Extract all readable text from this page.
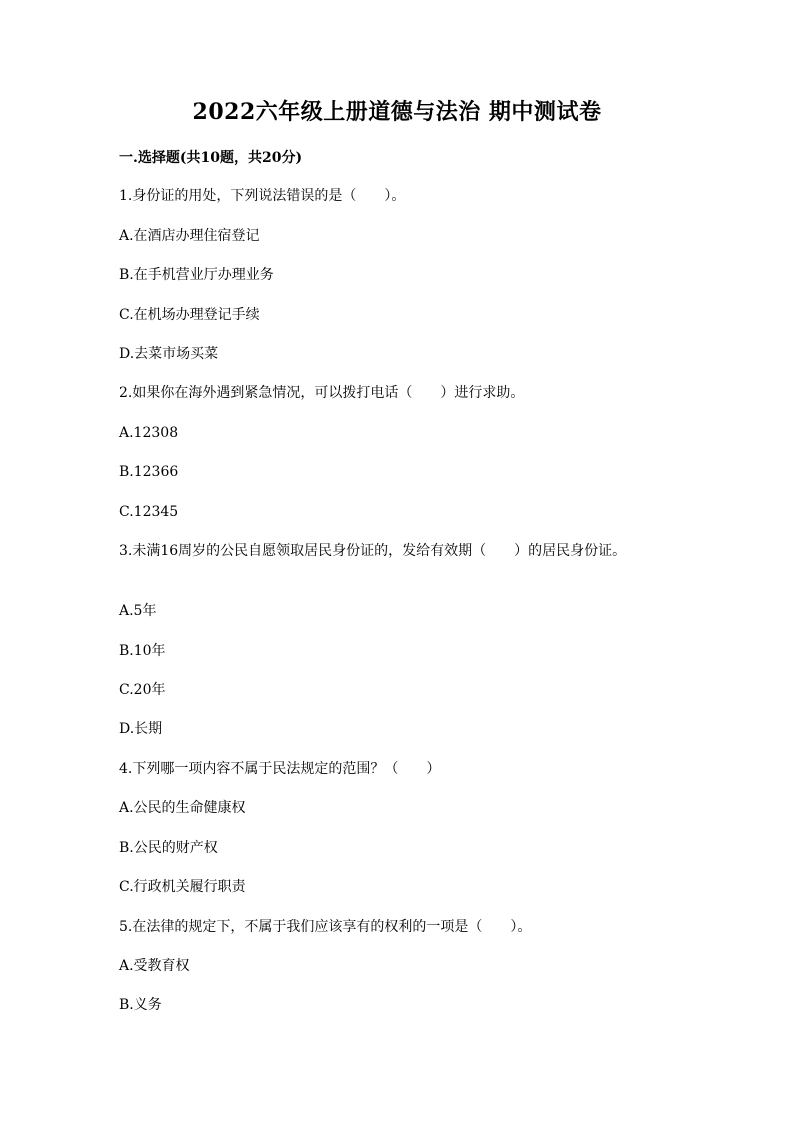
2022六年级上册道德与法治 期中测试卷
一.选择题(共10题，共20分)
1.身份证的用处，下列说法错误的是（　　）。
A.在酒店办理住宿登记
B.在手机营业厅办理业务
C.在机场办理登记手续
D.去菜市场买菜
2.如果你在海外遇到紧急情况，可以拨打电话（　　）进行求助。
A.12308
B.12366
C.12345
3.未满16周岁的公民自愿领取居民身份证的，发给有效期（　　）的居民身份证。
A.5年
B.10年
C.20年
D.长期
4.下列哪一项内容不属于民法规定的范围？（　　）
A.公民的生命健康权
B.公民的财产权
C.行政机关履行职责
5.在法律的规定下，不属于我们应该享有的权利的一项是（　　）。
A.受教育权
B.义务
